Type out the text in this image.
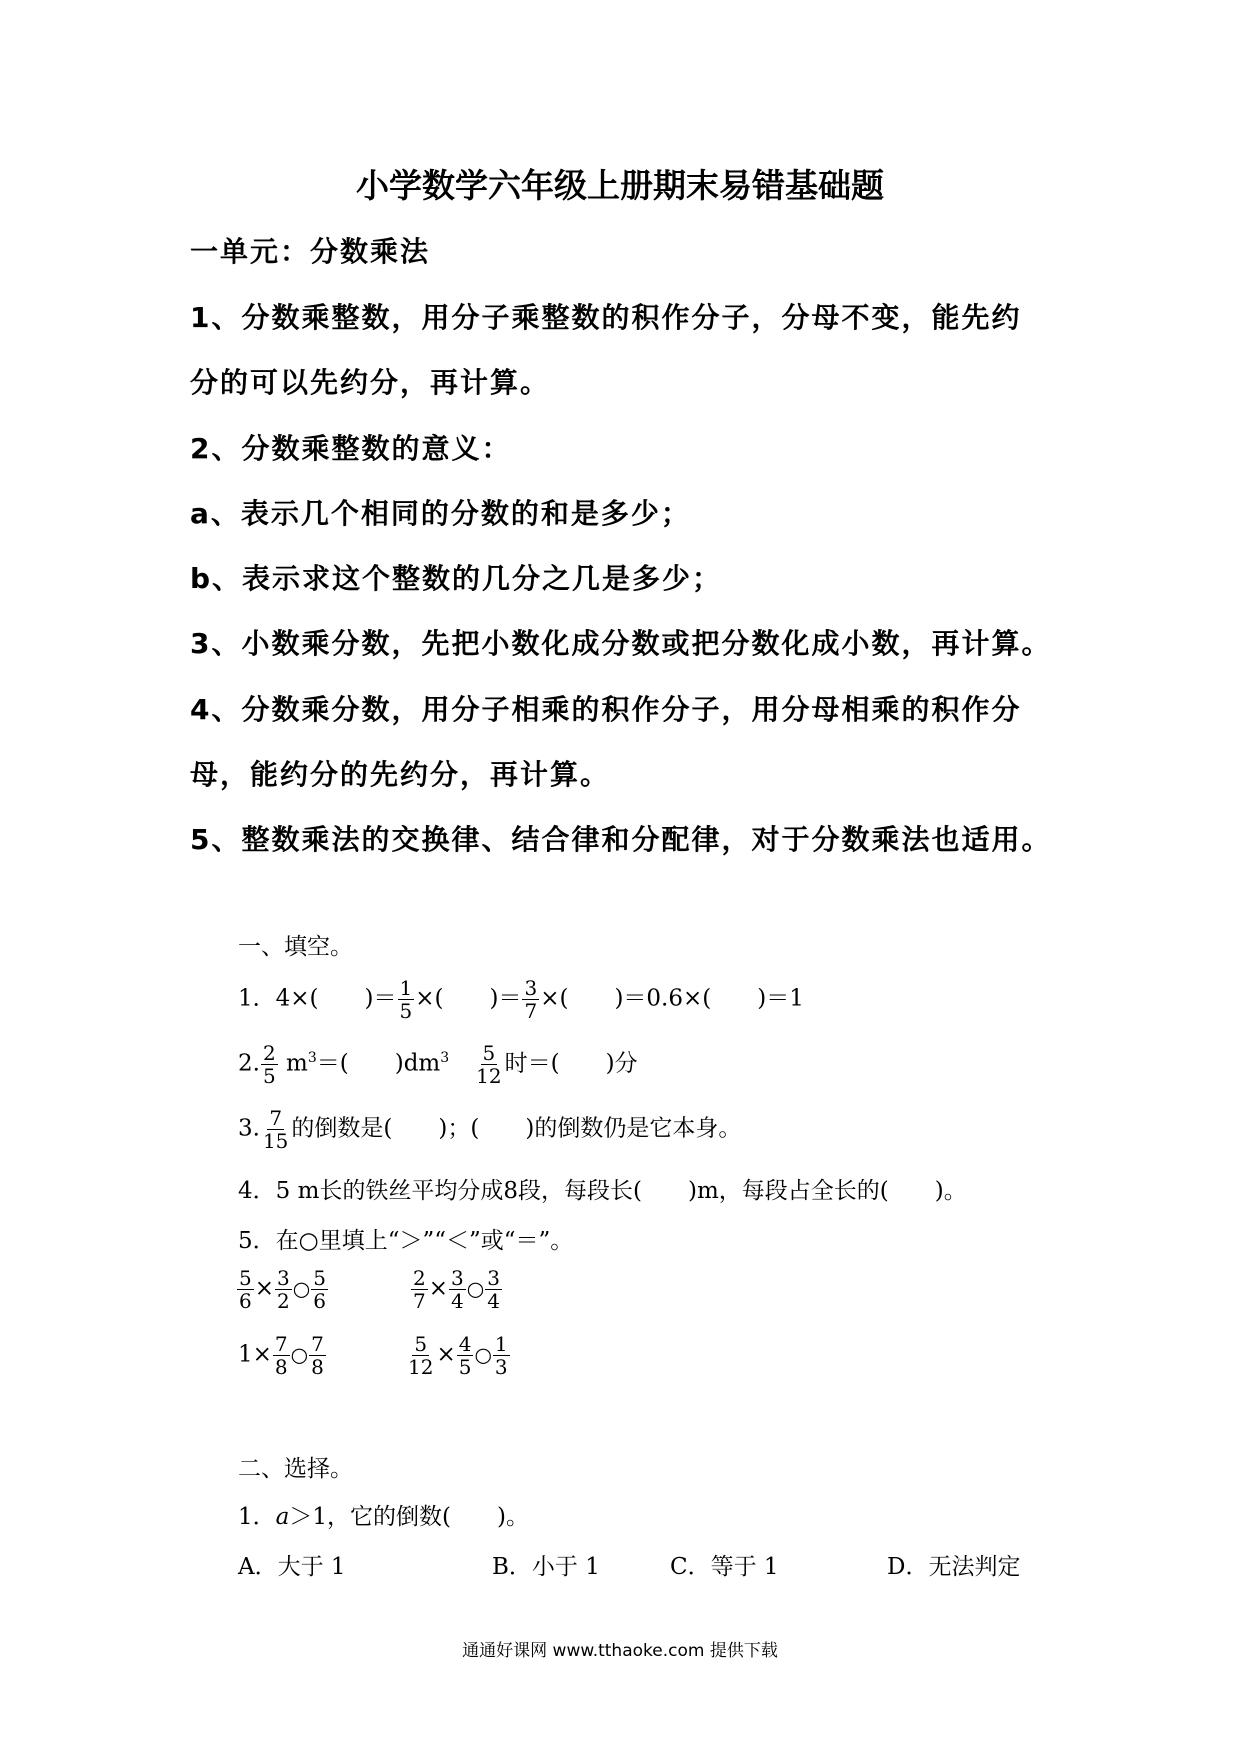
小学数学六年级上册期末易错基础题
一单元：分数乘法
1、分数乘整数，用分子乘整数的积作分子，分母不变，能先约
分的可以先约分，再计算。
2、分数乘整数的意义：
a、表示几个相同的分数的和是多少；
b、表示求这个整数的几分之几是多少；
3、小数乘分数，先把小数化成分数或把分数化成小数，再计算。
4、分数乘分数，用分子相乘的积作分子，用分母相乘的积作分
母，能约分的先约分，再计算。
5、整数乘法的交换律、结合律和分配律，对于分数乘法也适用。
一、填空。
1．4×( )＝ $\frac{1}{5}$ ×( )＝ $\frac{3}{7}$ ×( )＝0.6×( )＝1
2. $\frac{2}{5} m^3=$( )$dm^3 \frac{5}{12}$ 时＝( )分
3. $\frac{7}{15}$ 的倒数是( )；( )的倒数仍是它本身。
4．5 m长的铁丝平均分成8段，每段长(　　)m，每段占全长的(　　)。
5．在○里填上“＞”“＜”或“＝”。
$\frac{5}{6} \times \frac{3}{2}$ ○ $\frac{5}{6}$	$\frac{2}{7} \times \frac{3}{4}$ ○ $\frac{3}{4}$
$1\times \frac{7}{8}$ ○ $\frac{7}{8}$	$\frac{5}{12} \times \frac{4}{5}$ ○ $\frac{1}{3}$
二、选择。
1．a＞1，它的倒数(　　)。
A．大于 1	B．小于 1	C．等于 1	D．无法判定
通通好课网 www.tthaoke.com 提供下载
